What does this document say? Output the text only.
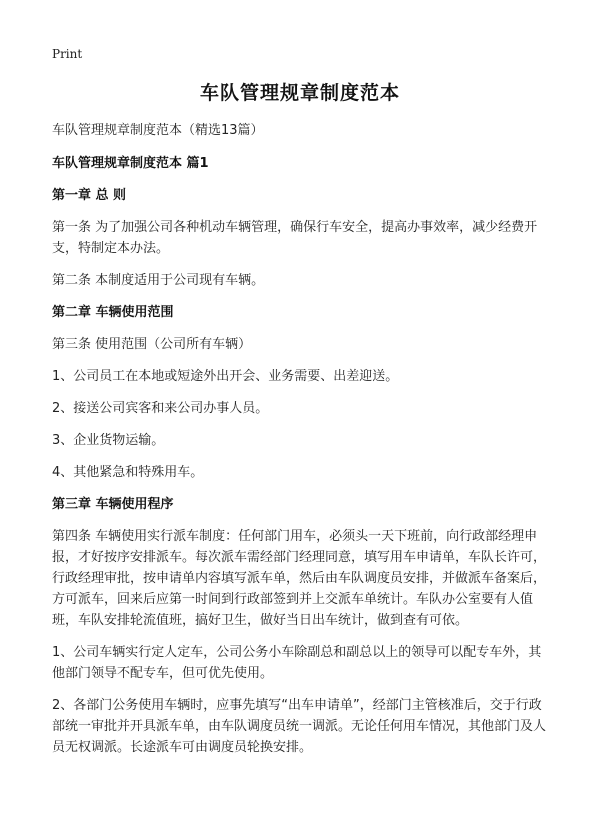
Print
车队管理规章制度范本
车队管理规章制度范本（精选13篇）
车队管理规章制度范本 篇1
第一章 总 则
第一条 为了加强公司各种机动车辆管理，确保行车安全，提高办事效率，减少经费开支，特制定本办法。
第二条 本制度适用于公司现有车辆。
第二章 车辆使用范围
第三条 使用范围（公司所有车辆）
1、公司员工在本地或短途外出开会、业务需要、出差迎送。
2、接送公司宾客和来公司办事人员。
3、企业货物运输。
4、其他紧急和特殊用车。
第三章 车辆使用程序
第四条 车辆使用实行派车制度：任何部门用车，必须头一天下班前，向行政部经理申报，才好按序安排派车。每次派车需经部门经理同意，填写用车申请单，车队长许可，行政经理审批，按申请单内容填写派车单，然后由车队调度员安排，并做派车备案后，方可派车，回来后应第一时间到行政部签到并上交派车单统计。车队办公室要有人值班，车队安排轮流值班，搞好卫生，做好当日出车统计，做到查有可依。
1、公司车辆实行定人定车，公司公务小车除副总和副总以上的领导可以配专车外，其他部门领导不配专车，但可优先使用。
2、各部门公务使用车辆时，应事先填写“出车申请单”，经部门主管核准后，交于行政部统一审批并开具派车单，由车队调度员统一调派。无论任何用车情况，其他部门及人员无权调派。长途派车可由调度员轮换安排。
